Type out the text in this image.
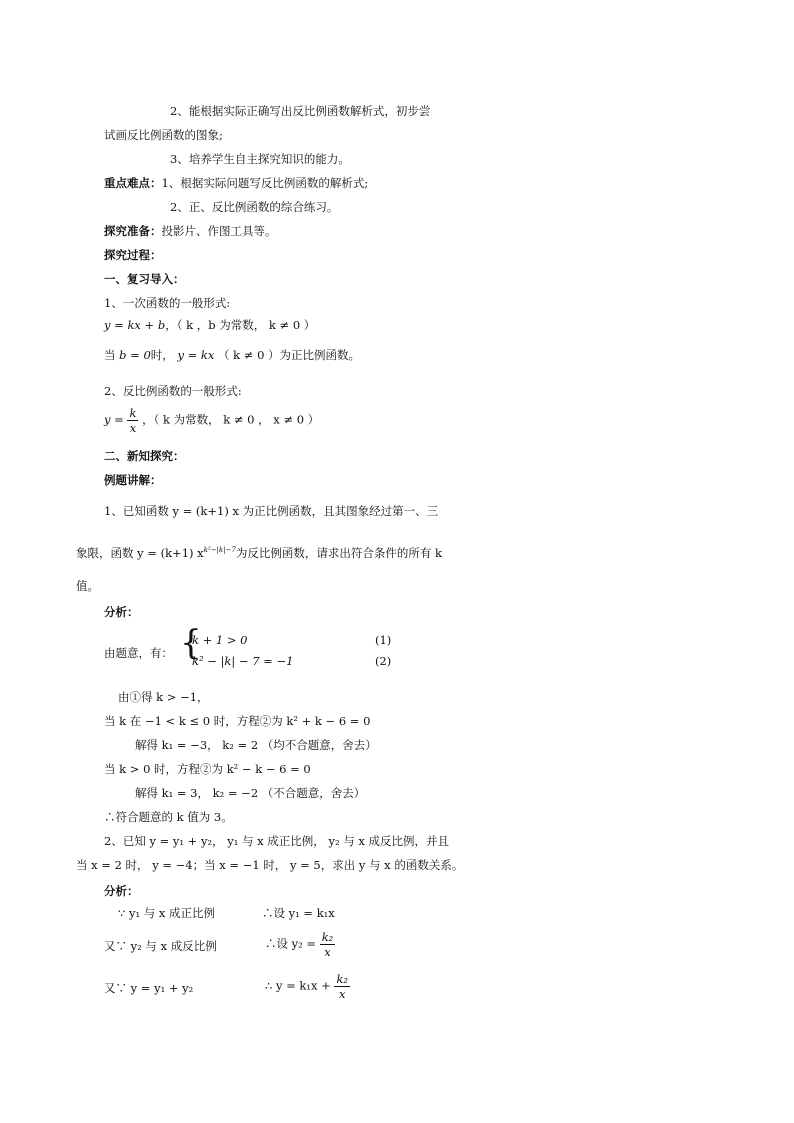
2、能根据实际正确写出反比例函数解析式，初步尝
试画反比例函数的图象;
3、培养学生自主探究知识的能力。
重点难点：1、根据实际问题写反比例函数的解析式;
2、正、反比例函数的综合练习。
探究准备：投影片、作图工具等。
探究过程：
一、复习导入：
1、一次函数的一般形式:
y = kx + b，（ k ，b 为常数， k ≠ 0 ）
当 b = 0时， y = kx （ k ≠ 0 ）为正比例函数。
2、反比例函数的一般形式:
$y = \frac{k}{x}$ ，（ k 为常数， k ≠ 0 ， x ≠ 0 ）
二、新知探究：
例题讲解：
1、已知函数 y = (k+1) x 为正比例函数，且其图象经过第一、三
象限，函数 y = (k+1) $x^{k^2-|k|-7}$为反比例函数，请求出符合条件的所有 k
值。
分析：
由题意，有： {
k + 1 > 0
k² − |k| − 7 = −1
(1)
(2)
由①得 k > −1，
当 k 在 −1 < k ≤ 0 时，方程②为 k² + k − 6 = 0
解得 k₁ = −3， k₂ = 2 （均不合题意，舍去）
当 k > 0 时，方程②为 k² − k − 6 = 0
解得 k₁ = 3， k₂ = −2 （不合题意，舍去）
∴符合题意的 k 值为 3。
2、已知 y = y₁ + y₂， y₁ 与 x 成正比例， y₂ 与 x 成反比例，并且
当 x = 2 时， y = −4；当 x = −1 时， y = 5，求出 y 与 x 的函数关系。
分析：
∵ y₁ 与 x 成正比例	∴设 y₁ = k₁x
又∵ y₂ 与 x 成反比例	∴设 $y_2 = \frac{\text{k₂}}{x}$
又∵ y = y₁ + y₂	∴ $y = k_1x + \frac{\text{k₂}}{x}$
